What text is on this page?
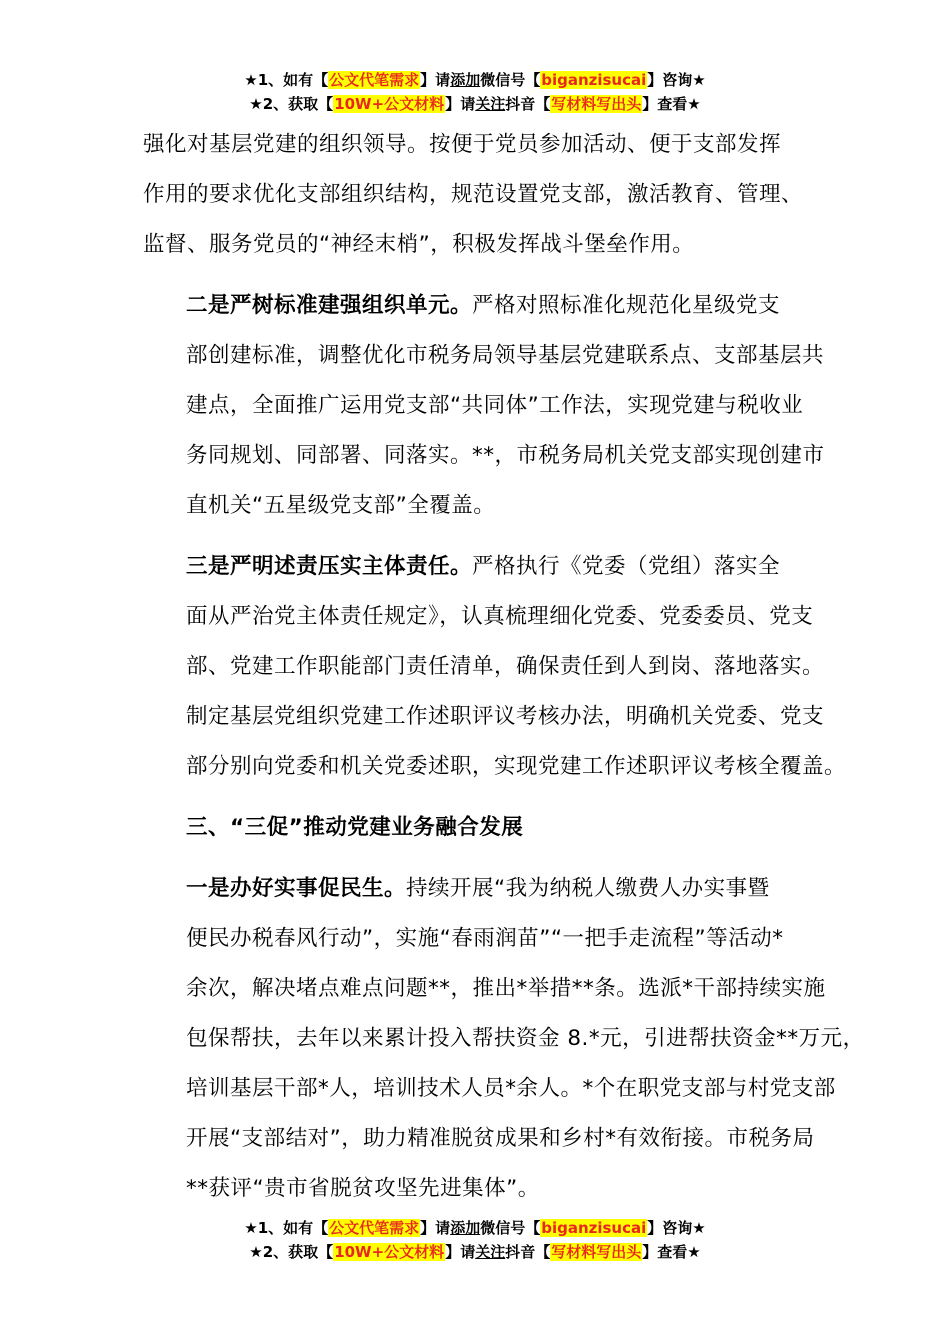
★1、如有【公文代笔需求】请添加微信号【biganzisucai】咨询★
★2、获取【10W+公文材料】请关注抖音【写材料写出头】查看★

强化对基层党建的组织领导。按便于党员参加活动、便于支部发挥
作用的要求优化支部组织结构，规范设置党支部，激活教育、管理、
监督、服务党员的“神经末梢”，积极发挥战斗堡垒作用。

二是严树标准建强组织单元。严格对照标准化规范化星级党支
部创建标准，调整优化市税务局领导基层党建联系点、支部基层共
建点，全面推广运用党支部“共同体”工作法，实现党建与税收业
务同规划、同部署、同落实。**，市税务局机关党支部实现创建市
直机关“五星级党支部”全覆盖。

三是严明述责压实主体责任。严格执行《党委（党组）落实全
面从严治党主体责任规定》，认真梳理细化党委、党委委员、党支
部、党建工作职能部门责任清单，确保责任到人到岗、落地落实。
制定基层党组织党建工作述职评议考核办法，明确机关党委、党支
部分别向党委和机关党委述职，实现党建工作述职评议考核全覆盖。

三、“三促”推动党建业务融合发展

一是办好实事促民生。持续开展“我为纳税人缴费人办实事暨
便民办税春风行动”，实施“春雨润苗”“一把手走流程”等活动*
余次，解决堵点难点问题**，推出*举措**条。选派*干部持续实施
包保帮扶，去年以来累计投入帮扶资金 8.*元，引进帮扶资金**万元，
培训基层干部*人，培训技术人员*余人。*个在职党支部与村党支部
开展“支部结对”，助力精准脱贫成果和乡村*有效衔接。市税务局
**获评“贵市省脱贫攻坚先进集体”。

★1、如有【公文代笔需求】请添加微信号【biganzisucai】咨询★
★2、获取【10W+公文材料】请关注抖音【写材料写出头】查看★
